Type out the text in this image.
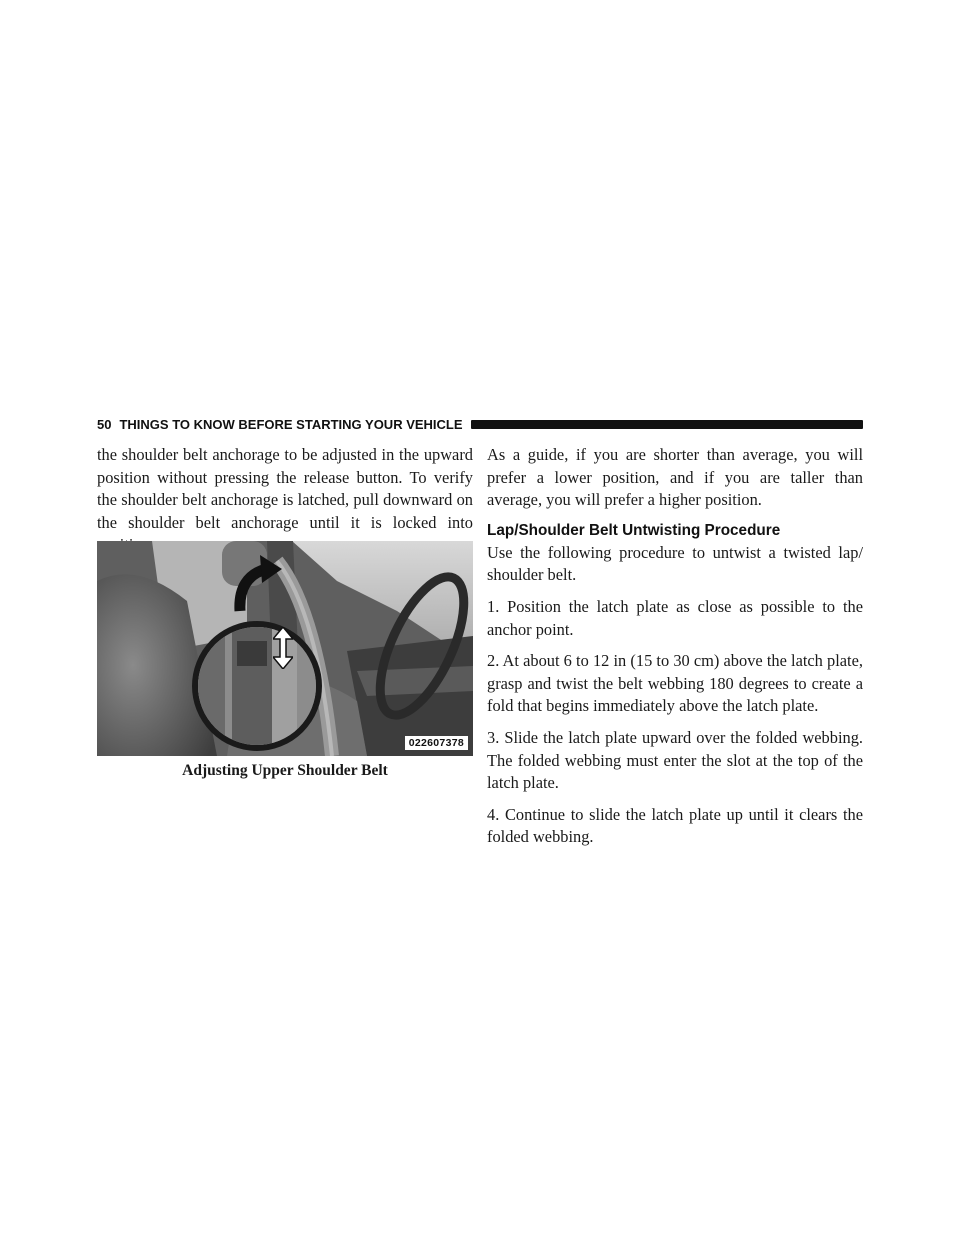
50 THINGS TO KNOW BEFORE STARTING YOUR VEHICLE

the shoulder belt anchorage to be adjusted in the upward position without pressing the release button. To verify the shoulder belt anchorage is latched, pull downward on the shoulder belt anchorage until it is locked into

022607378
Adjusting Upper Shoulder Belt

As a guide, if you are shorter than average, you will prefer a lower position, and if you are taller than average, you will prefer a higher position.

Lap/Shoulder Belt Untwisting Procedure

Use the following procedure to untwist a twisted lap/ shoulder belt.

1. Position the latch plate as close as possible to the anchor point.

2. At about 6 to 12 in (15 to 30 cm) above the latch plate, grasp and twist the belt webbing 180 degrees to create a fold that begins immediately above the latch plate.

3. Slide the latch plate upward over the folded webbing. The folded webbing must enter the slot at the top of the latch plate.

4. Continue to slide the latch plate up until it clears the folded webbing.
